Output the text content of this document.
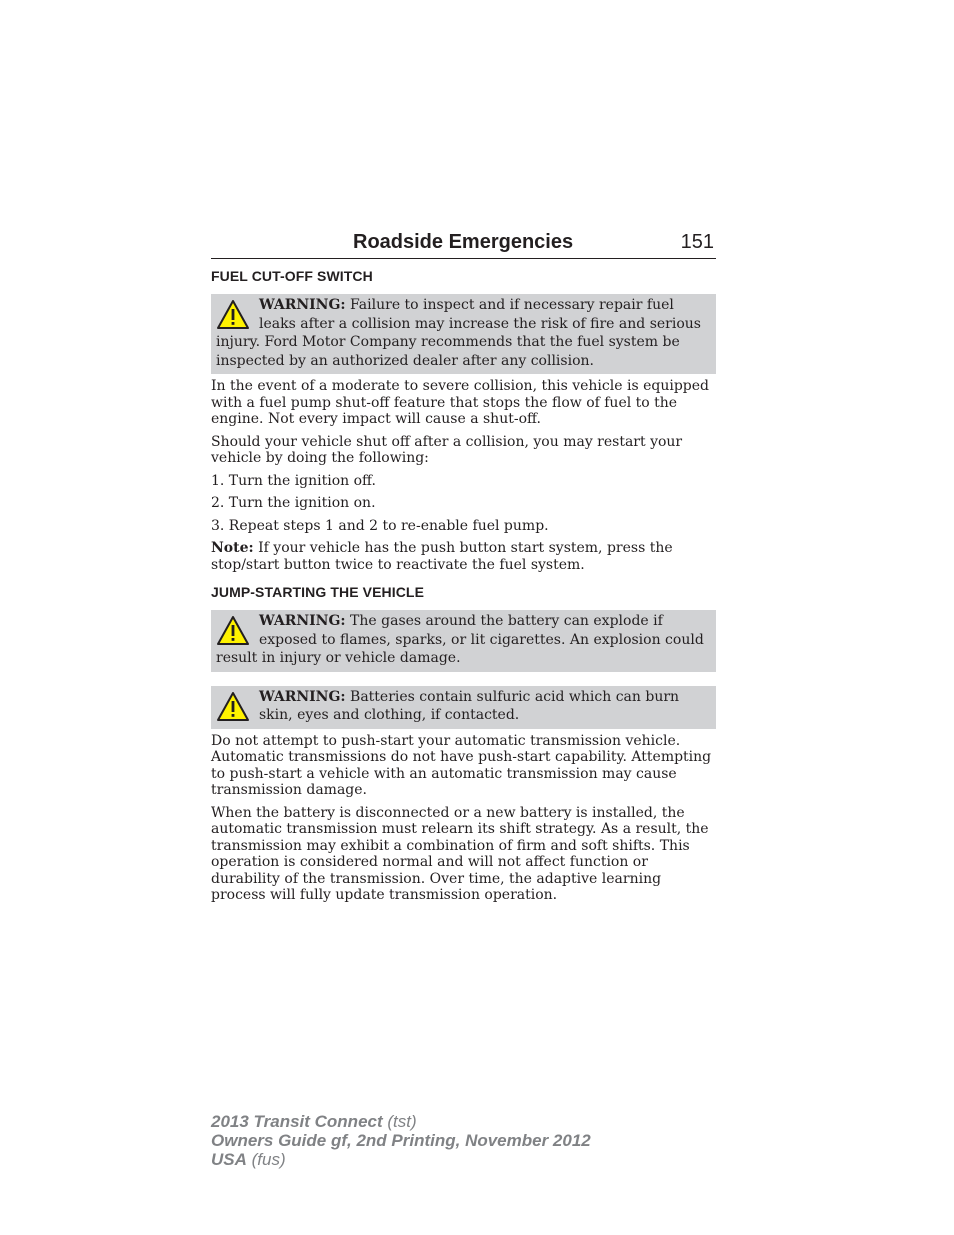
Roadside Emergencies	151
FUEL CUT-OFF SWITCH
WARNING: Failure to inspect and if necessary repair fuel leaks after a collision may increase the risk of fire and serious injury. Ford Motor Company recommends that the fuel system be inspected by an authorized dealer after any collision.

In the event of a moderate to severe collision, this vehicle is equipped with a fuel pump shut-off feature that stops the flow of fuel to the engine. Not every impact will cause a shut-off.

Should your vehicle shut off after a collision, you may restart your vehicle by doing the following:

1. Turn the ignition off.

2. Turn the ignition on.

3. Repeat steps 1 and 2 to re-enable fuel pump.

Note: If your vehicle has the push button start system, press the stop/start button twice to reactivate the fuel system.

JUMP-STARTING THE VEHICLE
WARNING: The gases around the battery can explode if exposed to flames, sparks, or lit cigarettes. An explosion could result in injury or vehicle damage.
WARNING: Batteries contain sulfuric acid which can burn skin, eyes and clothing, if contacted.

Do not attempt to push-start your automatic transmission vehicle. Automatic transmissions do not have push-start capability. Attempting to push-start a vehicle with an automatic transmission may cause transmission damage.

When the battery is disconnected or a new battery is installed, the automatic transmission must relearn its shift strategy. As a result, the transmission may exhibit a combination of firm and soft shifts. This operation is considered normal and will not affect function or durability of the transmission. Over time, the adaptive learning process will fully update transmission operation.

2013 Transit Connect (tst)
Owners Guide gf, 2nd Printing, November 2012
USA (fus)
